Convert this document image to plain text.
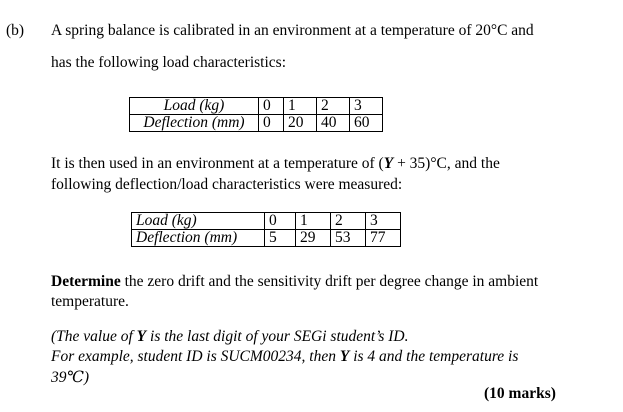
(b) A spring balance is calibrated in an environment at a temperature of 20°C and
has the following load characteristics:
Load (kg)	0	1	2	3
Deflection (mm)	0	20	40	60
It is then used in an environment at a temperature of (Y + 35)°C, and the
following deflection/load characteristics were measured:
Load (kg)	0	1	2	3
Deflection (mm)	5	29	53	77
Determine the zero drift and the sensitivity drift per degree change in ambient
temperature.
(The value of Y is the last digit of your SEGi student’s ID.
For example, student ID is SUCM00234, then Y is 4 and the temperature is
39℃)
(10 marks)
